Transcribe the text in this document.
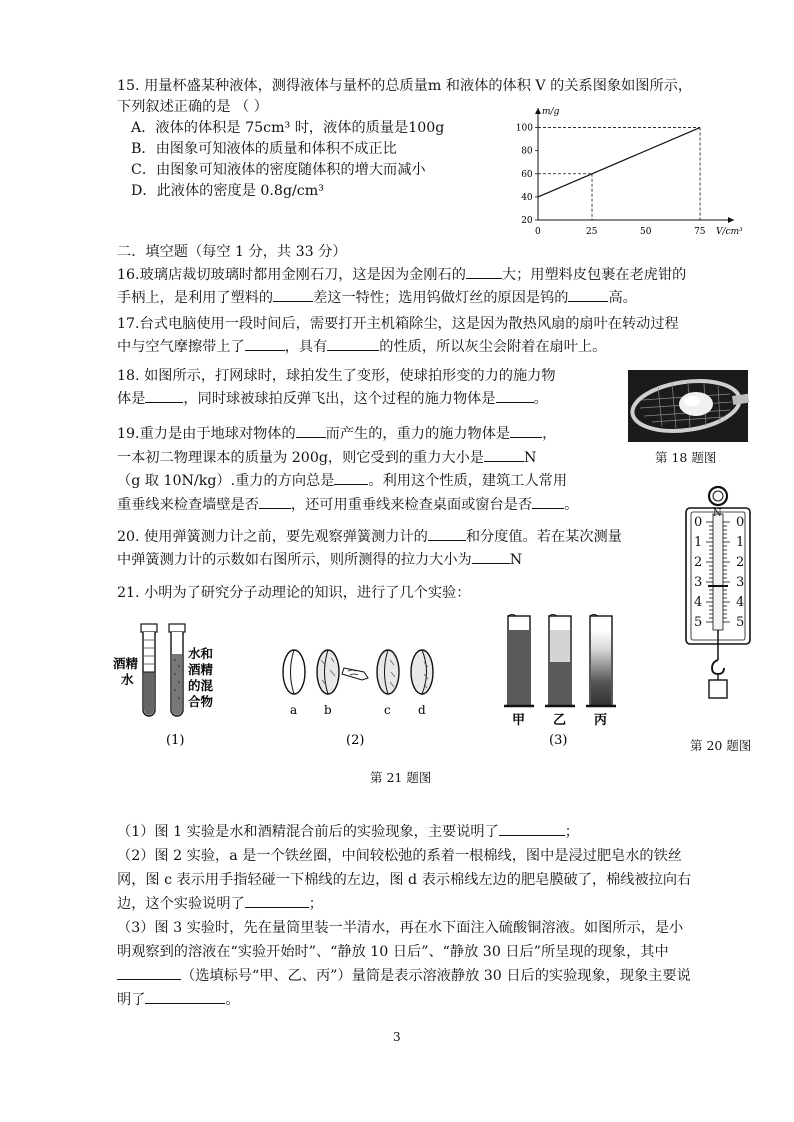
15. 用量杯盛某种液体，测得液体与量杯的总质量m 和液体的体积 V 的关系图象如图所示，
下列叙述正确的是 （ ）
A．液体的体积是 75cm³ 时，液体的质量是100g
B．由图象可知液体的质量和体积不成正比
C．由图象可知液体的密度随体积的增大而减小
D．此液体的密度是 0.8g/cm³
0	25	50	75
20
40
60
80
100
V/cm³
m/g
二．填空题（每空 1 分，共 33 分）
16.玻璃店裁切玻璃时都用金刚石刀，这是因为金刚石的	大；用塑料皮包裹在老虎钳的
手柄上，是利用了塑料的	差这一特性；选用钨做灯丝的原因是钨的	高。
17.台式电脑使用一段时间后，需要打开主机箱除尘，这是因为散热风扇的扇叶在转动过程
中与空气摩擦带上了	，具有	的性质，所以灰尘会附着在扇叶上。
18. 如图所示，打网球时，球拍发生了变形，使球拍形变的力的施力物
体是	，同时球被球拍反弹飞出，这个过程的施力物体是	。
第 18 题图
19.重力是由于地球对物体的 而产生的，重力的施力物体是 ，
一本初二物理课本的质量为 200g，则它受到的重力大小是	N
（g 取 10N/kg）.重力的方向总是 。利用这个性质，建筑工人常用
重垂线来检查墙壁是否 ，还可用重垂线来检查桌面或窗台是否 。
20. 使用弹簧测力计之前，要先观察弹簧测力计的	和分度值。若在某次测量
中弹簧测力计的示数如右图所示，则所测得的拉力大小为	N
0	0
1	1
2	2
3	3
4	4
5	5
N
第 20 题图
21. 小明为了研究分子动理论的知识，进行了几个实验：
酒精
水
水和
酒精
的混
合物
(1)
a b	c d
(2)
甲 乙 丙
(3)
第 21 题图
（1）图 1 实验是水和酒精混合前后的实验现象，主要说明了	；
（2）图 2 实验，a 是一个铁丝圈，中间较松弛的系着一根棉线，图中是浸过肥皂水的铁丝
网，图 c 表示用手指轻碰一下棉线的左边，图 d 表示棉线左边的肥皂膜破了，棉线被拉向右
边，这个实验说明了	；
（3）图 3 实验时，先在量筒里装一半清水，再在水下面注入硫酸铜溶液。如图所示，是小
明观察到的溶液在“实验开始时”、“静放 10 日后”、“静放 30 日后”所呈现的现象，其中
（选填标号“甲、乙、丙”）量筒是表示溶液静放 30 日后的实验现象，现象主要说
明了	。
3
